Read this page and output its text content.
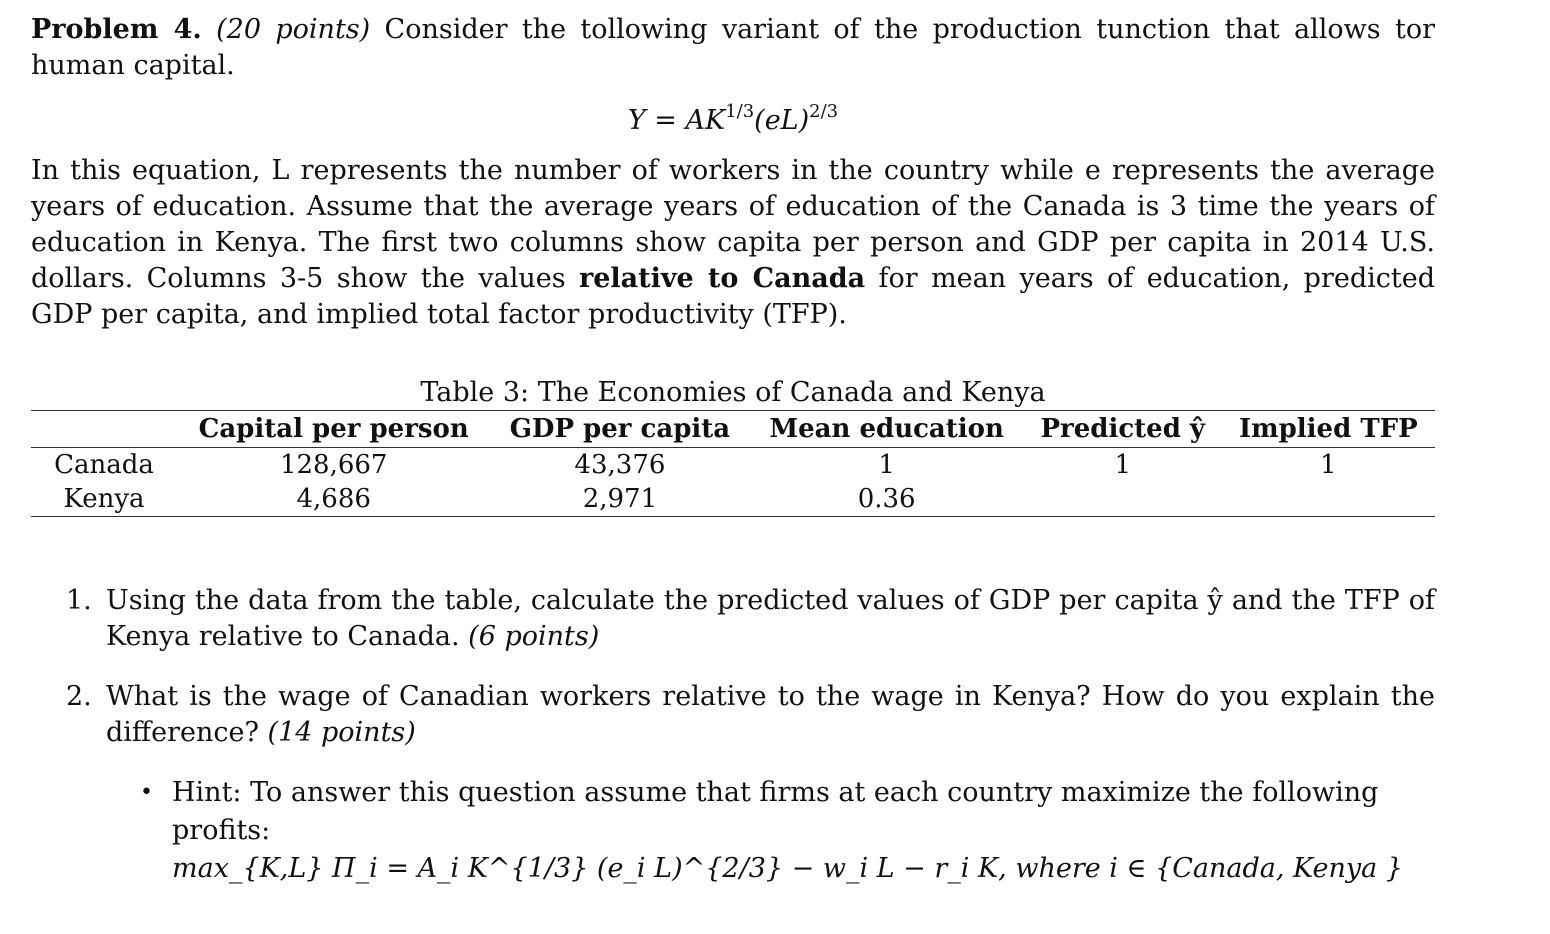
Problem 4. (20 points) Consider the tollowing variant of the production tunction that allows tor human capital.

$Y = AK^{1/3}(eL)^{2/3}$

In this equation, L represents the number of workers in the country while e represents the average years of education. Assume that the average years of education of the Canada is 3 time the years of education in Kenya. The first two columns show capita per person and GDP per capita in 2014 U.S. dollars. Columns 3-5 show the values relative to Canada for mean years of education, predicted GDP per capita, and implied total factor productivity (TFP).

Table 3: The Economies of Canada and Kenya
	Capital per person	GDP per capita	Mean education	Predicted ŷ	Implied TFP
Canada	128,667	43,376	1	1	1
Kenya	4,686	2,971	0.36		
1. Using the data from the table, calculate the predicted values of GDP per capita ŷ and the TFP of Kenya relative to Canada. (6 points)
2. What is the wage of Canadian workers relative to the wage in Kenya? How do you explain the difference? (14 points)
• Hint: To answer this question assume that firms at each country maximize the following profits:
max_{K,L} Π_i = A_i K^{1/3} (e_i L)^{2/3} − w_i L − r_i K, where i ∈ {Canada, Kenya }
